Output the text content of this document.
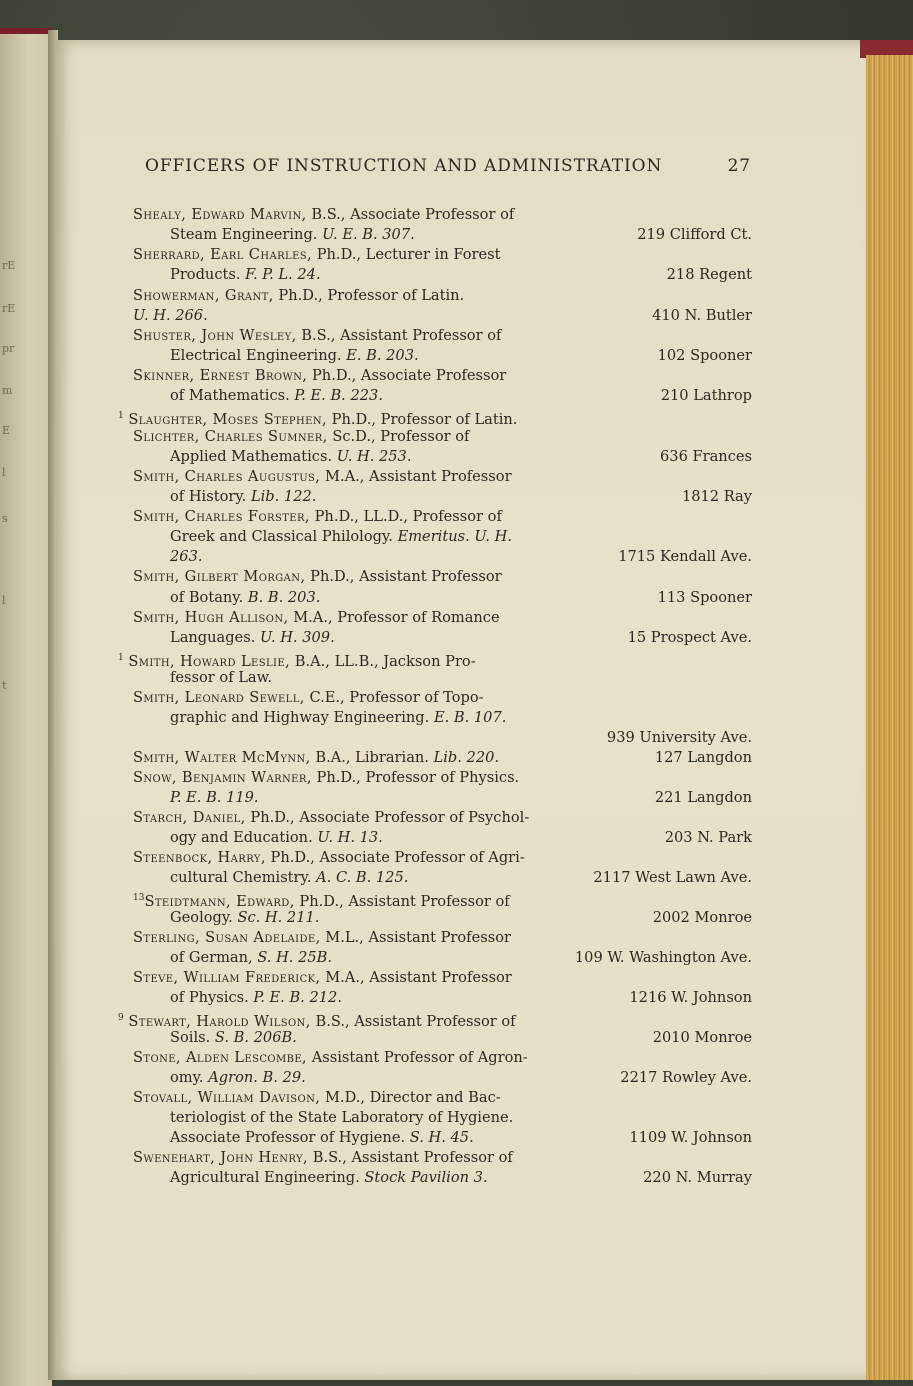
rE
rE
pr
m
E
l
s
l
t
OFFICERS OF INSTRUCTION AND ADMINISTRATION	27
Shealy, Edward Marvin, B.S., Associate Professor of
Steam Engineering. U. E. B. 307.	219 Clifford Ct.
Sherrard, Earl Charles, Ph.D., Lecturer in Forest
Products. F. P. L. 24.	218 Regent
Showerman, Grant, Ph.D., Professor of Latin.
U. H. 266.	410 N. Butler
Shuster, John Wesley, B.S., Assistant Professor of
Electrical Engineering. E. B. 203.	102 Spooner
Skinner, Ernest Brown, Ph.D., Associate Professor
of Mathematics. P. E. B. 223.	210 Lathrop
$^1$ Slaughter, Moses Stephen, Ph.D., Professor of Latin.
Slichter, Charles Sumner, Sc.D., Professor of
Applied Mathematics. U. H. 253.	636 Frances
Smith, Charles Augustus, M.A., Assistant Professor
of History. Lib. 122.	1812 Ray
Smith, Charles Forster, Ph.D., LL.D., Professor of
Greek and Classical Philology. Emeritus. U. H.
263.	1715 Kendall Ave.
Smith, Gilbert Morgan, Ph.D., Assistant Professor
of Botany. B. B. 203.	113 Spooner
Smith, Hugh Allison, M.A., Professor of Romance
Languages. U. H. 309.	15 Prospect Ave.
$^1$ Smith, Howard Leslie, B.A., LL.B., Jackson Pro-
fessor of Law.
Smith, Leonard Sewell, C.E., Professor of Topo-
graphic and Highway Engineering. E. B. 107.
939 University Ave.
Smith, Walter McMynn, B.A., Librarian. Lib. 220.	127 Langdon
Snow, Benjamin Warner, Ph.D., Professor of Physics.
P. E. B. 119.	221 Langdon
Starch, Daniel, Ph.D., Associate Professor of Psychol-
ogy and Education. U. H. 13.	203 N. Park
Steenbock, Harry, Ph.D., Associate Professor of Agri-
cultural Chemistry. A. C. B. 125.	2117 West Lawn Ave.
$^{13}$Steidtmann, Edward, Ph.D., Assistant Professor of
Geology. Sc. H. 211.	2002 Monroe
Sterling, Susan Adelaide, M.L., Assistant Professor
of German, S. H. 25B.	109 W. Washington Ave.
Steve, William Frederick, M.A., Assistant Professor
of Physics. P. E. B. 212.	1216 W. Johnson
$^9$ Stewart, Harold Wilson, B.S., Assistant Professor of
Soils. S. B. 206B.	2010 Monroe
Stone, Alden Lescombe, Assistant Professor of Agron-
omy. Agron. B. 29.	2217 Rowley Ave.
Stovall, William Davison, M.D., Director and Bac-
teriologist of the State Laboratory of Hygiene.
Associate Professor of Hygiene. S. H. 45.	1109 W. Johnson
Swenehart, John Henry, B.S., Assistant Professor of
Agricultural Engineering. Stock Pavilion 3.	220 N. Murray
